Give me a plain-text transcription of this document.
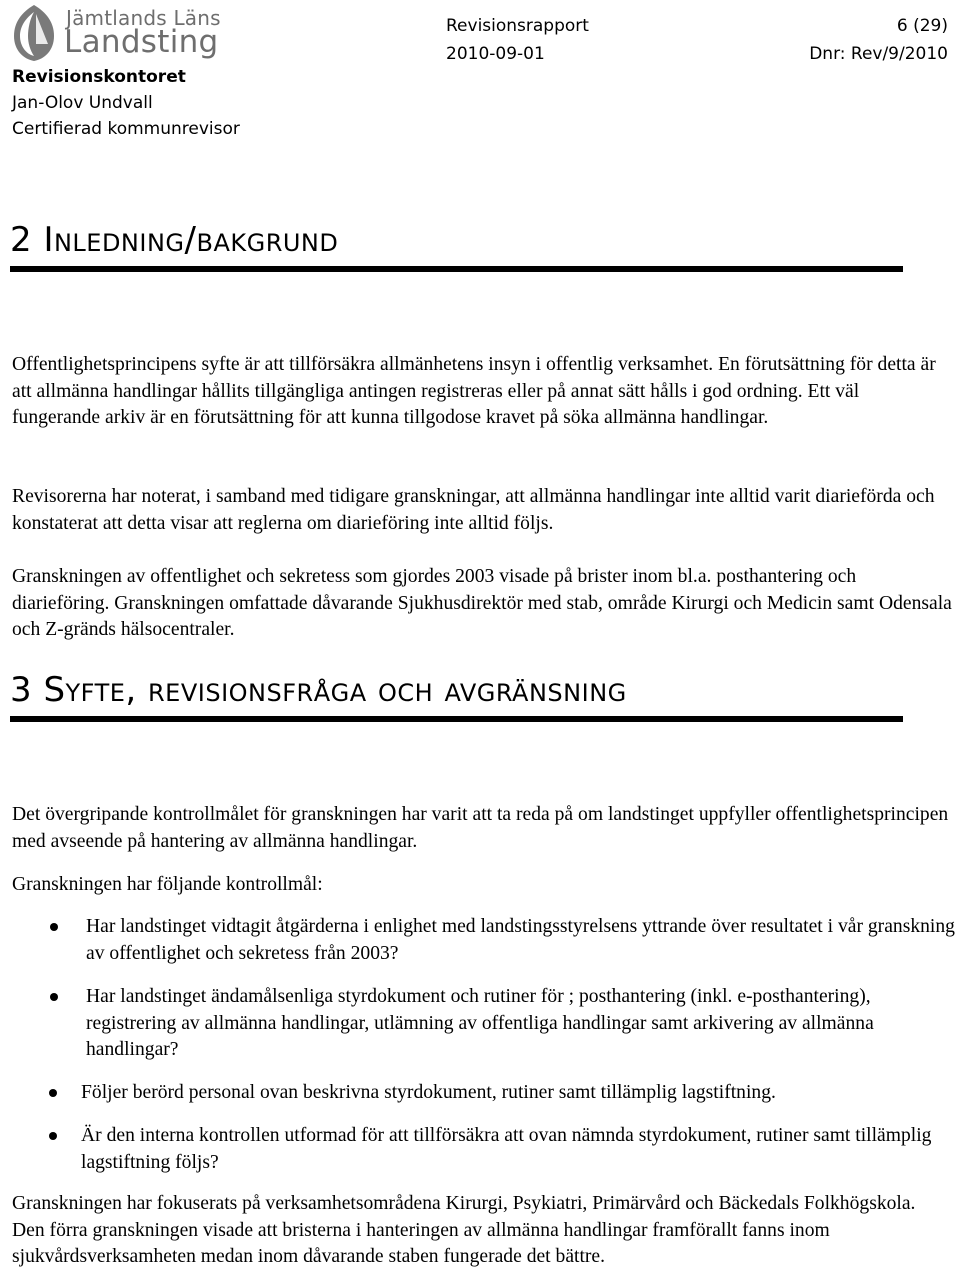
Jämtlands Läns
Landsting
Revisionskontoret
Jan-Olov Undvall
Certifierad kommunrevisor
Revisionsrapport
2010-09-01
6 (29)
Dnr: Rev/9/2010
2 Inledning/bakgrund
Offentlighetsprincipens syfte är att tillförsäkra allmänhetens insyn i offentlig verksamhet. En förutsättning för detta är att allmänna handlingar hållits tillgängliga antingen registreras eller på annat sätt hålls i god ordning. Ett väl fungerande arkiv är en förutsättning för att kunna tillgodose kravet på söka allmänna handlingar.
Revisorerna har noterat, i samband med tidigare granskningar, att allmänna handlingar inte alltid varit diarieförda och konstaterat att detta visar att reglerna om diarieföring inte alltid följs.
Granskningen av offentlighet och sekretess som gjordes 2003 visade på brister inom bl.a. posthantering och diarieföring. Granskningen omfattade dåvarande Sjukhusdirektör med stab, område Kirurgi och Medicin samt Odensala och Z-gränds hälsocentraler.
3 Syfte, revisionsfråga och avgränsning
Det övergripande kontrollmålet för granskningen har varit att ta reda på om landstinget uppfyller offentlighetsprincipen med avseende på hantering av allmänna handlingar.
Granskningen har följande kontrollmål:
Har landstinget vidtagit åtgärderna i enlighet med landstingsstyrelsens yttrande över resultatet i vår granskning av offentlighet och sekretess från 2003?
Har landstinget ändamålsenliga styrdokument och rutiner för ; posthantering (inkl. e-posthantering), registrering av allmänna handlingar, utlämning av offentliga handlingar samt arkivering av allmänna handlingar?
Följer berörd personal ovan beskrivna styrdokument, rutiner samt tillämplig lagstiftning.
Är den interna kontrollen utformad för att tillförsäkra att ovan nämnda styrdokument, rutiner samt tillämplig lagstiftning följs?
Granskningen har fokuserats på verksamhetsområdena Kirurgi, Psykiatri, Primärvård och Bäckedals Folkhögskola. Den förra granskningen visade att bristerna i hanteringen av allmänna handlingar framförallt fanns inom sjukvårdsverksamheten medan inom dåvarande staben fungerade det bättre.
